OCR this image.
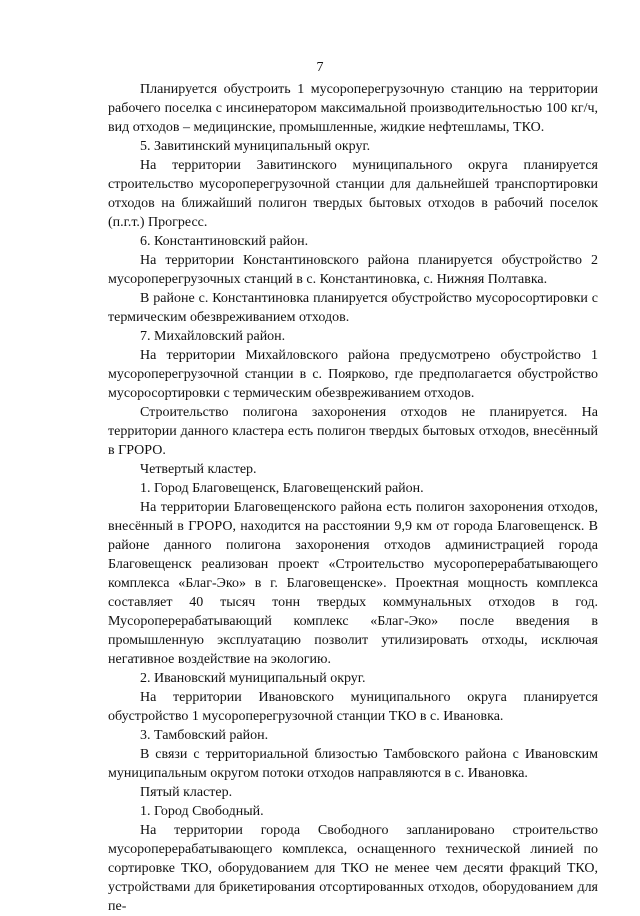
7

Планируется обустроить 1 мусороперегрузочную станцию на территории рабочего поселка с инсинератором максимальной производительностью 100 кг/ч, вид отходов – медицинские, промышленные, жидкие нефтешламы, ТКО.

5. Завитинский муниципальный округ.

На территории Завитинского муниципального округа планируется строительство мусороперегрузочной станции для дальнейшей транспортировки отходов на ближайший полигон твердых бытовых отходов в рабочий поселок (п.г.т.) Прогресс.

6. Константиновский район.

На территории Константиновского района планируется обустройство 2 мусороперегрузочных станций в с. Константиновка, с. Нижняя Полтавка.

В районе с. Константиновка планируется обустройство мусоросортировки с термическим обезвреживанием отходов.

7. Михайловский район.

На территории Михайловского района предусмотрено обустройство 1 мусороперегрузочной станции в с. Поярково, где предполагается обустройство мусоросортировки с термическим обезвреживанием отходов.

Строительство полигона захоронения отходов не планируется. На территории данного кластера есть полигон твердых бытовых отходов, внесённый в ГРОРО.

Четвертый кластер.

1. Город Благовещенск, Благовещенский район.

На территории Благовещенского района есть полигон захоронения отходов, внесённый в ГРОРО, находится на расстоянии 9,9 км от города Благовещенск. В районе данного полигона захоронения отходов администрацией города Благовещенск реализован проект «Строительство мусороперерабатывающего комплекса «Благ-Эко» в г. Благовещенске». Проектная мощность комплекса составляет 40 тысяч тонн твердых коммунальных отходов в год. Мусороперерабатывающий комплекс «Благ-Эко» после введения в промышленную эксплуатацию позволит утилизировать отходы, исключая негативное воздействие на экологию.

2. Ивановский муниципальный округ.

На территории Ивановского муниципального округа планируется обустройство 1 мусороперегрузочной станции ТКО в с. Ивановка.

3. Тамбовский район.

В связи с территориальной близостью Тамбовского района с Ивановским муниципальным округом потоки отходов направляются в с. Ивановка.

Пятый кластер.

1. Город Свободный.

На территории города Свободного запланировано строительство мусороперерабатывающего комплекса, оснащенного технической линией по сортировке ТКО, оборудованием для ТКО не менее чем десяти фракций ТКО, устройствами для брикетирования отсортированных отходов, оборудованием для пе-
